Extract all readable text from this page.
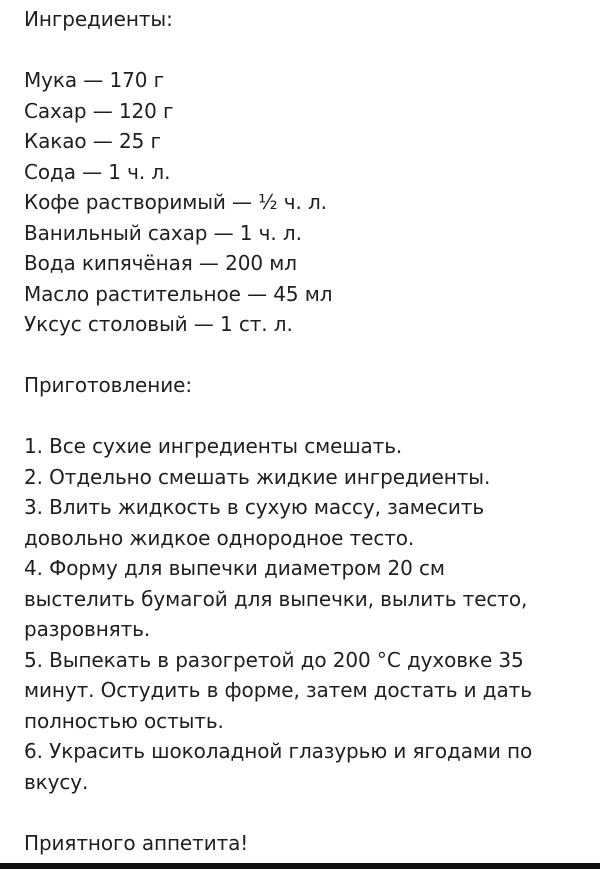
Ингредиенты:
Мука — 170 г
Сахар — 120 г
Какао — 25 г
Сода — 1 ч. л.
Кофе растворимый — ½ ч. л.
Ванильный сахар — 1 ч. л.
Вода кипячёная — 200 мл
Масло растительное — 45 мл
Уксус столовый — 1 ст. л.
Приготовление:
1. Все сухие ингредиенты смешать.
2. Отдельно смешать жидкие ингредиенты.
3. Влить жидкость в сухую массу, замесить
довольно жидкое однородное тесто.
4. Форму для выпечки диаметром 20 см
выстелить бумагой для выпечки, вылить тесто,
разровнять.
5. Выпекать в разогретой до 200 °С духовке 35
минут. Остудить в форме, затем достать и дать
полностью остыть.
6. Украсить шоколадной глазурью и ягодами по
вкусу.
Приятного аппетита!
